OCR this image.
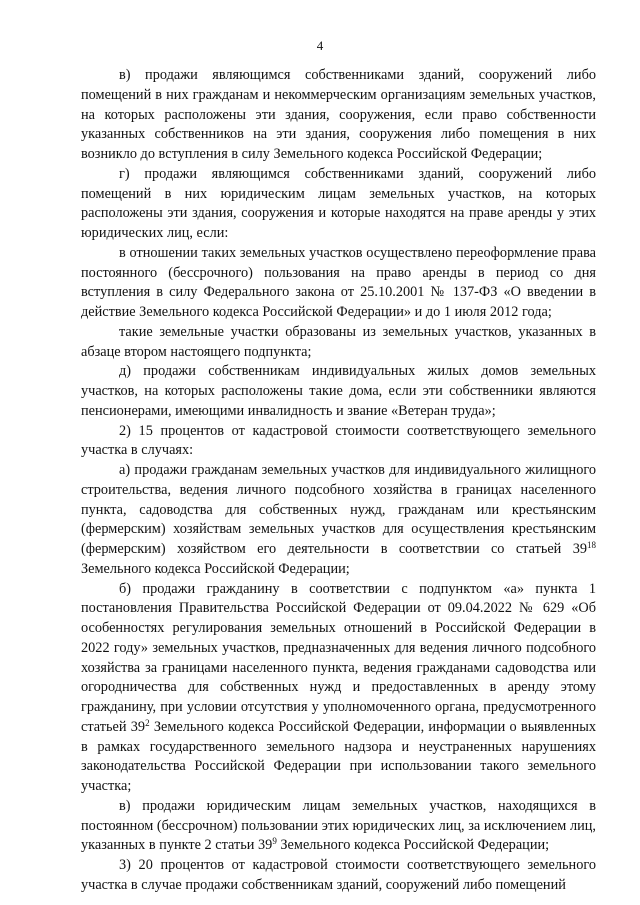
4

в) продажи являющимся собственниками зданий, сооружений либо помещений в них гражданам и некоммерческим организациям земельных участков, на которых расположены эти здания, сооружения, если право собственности указанных собственников на эти здания, сооружения либо помещения в них возникло до вступления в силу Земельного кодекса Российской Федерации;

г) продажи являющимся собственниками зданий, сооружений либо помещений в них юридическим лицам земельных участков, на которых расположены эти здания, сооружения и которые находятся на праве аренды у этих юридических лиц, если:

в отношении таких земельных участков осуществлено переоформление права постоянного (бессрочного) пользования на право аренды в период со дня вступления в силу Федерального закона от 25.10.2001 № 137-ФЗ «О введении в действие Земельного кодекса Российской Федерации» и до 1 июля 2012 года;

такие земельные участки образованы из земельных участков, указанных в абзаце втором настоящего подпункта;

д) продажи собственникам индивидуальных жилых домов земельных участков, на которых расположены такие дома, если эти собственники являются пенсионерами, имеющими инвалидность и звание «Ветеран труда»;

2) 15 процентов от кадастровой стоимости соответствующего земельного участка в случаях:

а) продажи гражданам земельных участков для индивидуального жилищного строительства, ведения личного подсобного хозяйства в границах населенного пункта, садоводства для собственных нужд, гражданам или крестьянским (фермерским) хозяйствам земельных участков для осуществления крестьянским (фермерским) хозяйством его деятельности в соответствии со статьей $39^{18}$ Земельного кодекса Российской Федерации;

б) продажи гражданину в соответствии с подпунктом «а» пункта 1 постановления Правительства Российской Федерации от 09.04.2022 № 629 «Об особенностях регулирования земельных отношений в Российской Федерации в 2022 году» земельных участков, предназначенных для ведения личного подсобного хозяйства за границами населенного пункта, ведения гражданами садоводства или огородничества для собственных нужд и предоставленных в аренду этому гражданину, при условии отсутствия у уполномоченного органа, предусмотренного статьей $39^2$ Земельного кодекса Российской Федерации, информации о выявленных в рамках государственного земельного надзора и неустраненных нарушениях законодательства Российской Федерации при использовании такого земельного участка;

в) продажи юридическим лицам земельных участков, находящихся в постоянном (бессрочном) пользовании этих юридических лиц, за исключением лиц, указанных в пункте 2 статьи $39^9$ Земельного кодекса Российской Федерации;

3) 20 процентов от кадастровой стоимости соответствующего земельного участка в случае продажи собственникам зданий, сооружений либо помещений
